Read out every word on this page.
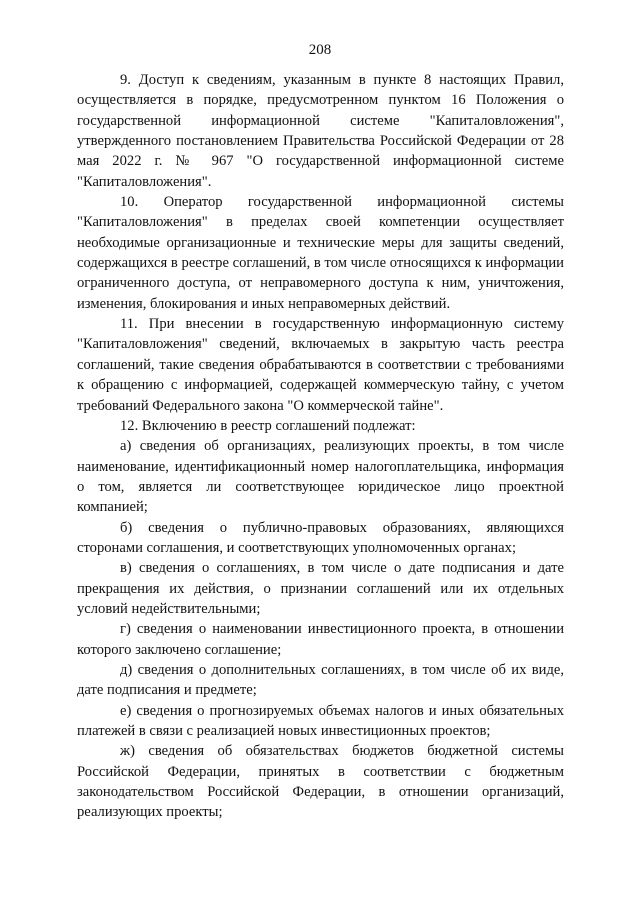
208

9. Доступ к сведениям, указанным в пункте 8 настоящих Правил, осуществляется в порядке, предусмотренном пунктом 16 Положения о государственной информационной системе "Капиталовложения", утвержденного постановлением Правительства Российской Федерации от 28 мая 2022 г. № 967 "О государственной информационной системе "Капиталовложения".

10. Оператор государственной информационной системы "Капиталовложения" в пределах своей компетенции осуществляет необходимые организационные и технические меры для защиты сведений, содержащихся в реестре соглашений, в том числе относящихся к информации ограниченного доступа, от неправомерного доступа к ним, уничтожения, изменения, блокирования и иных неправомерных действий.

11. При внесении в государственную информационную систему "Капиталовложения" сведений, включаемых в закрытую часть реестра соглашений, такие сведения обрабатываются в соответствии с требованиями к обращению с информацией, содержащей коммерческую тайну, с учетом требований Федерального закона "О коммерческой тайне".

12. Включению в реестр соглашений подлежат:

а) сведения об организациях, реализующих проекты, в том числе наименование, идентификационный номер налогоплательщика, информация о том, является ли соответствующее юридическое лицо проектной компанией;

б) сведения о публично-правовых образованиях, являющихся сторонами соглашения, и соответствующих уполномоченных органах;

в) сведения о соглашениях, в том числе о дате подписания и дате прекращения их действия, о признании соглашений или их отдельных условий недействительными;

г) сведения о наименовании инвестиционного проекта, в отношении которого заключено соглашение;

д) сведения о дополнительных соглашениях, в том числе об их виде, дате подписания и предмете;

е) сведения о прогнозируемых объемах налогов и иных обязательных платежей в связи с реализацией новых инвестиционных проектов;

ж) сведения об обязательствах бюджетов бюджетной системы Российской Федерации, принятых в соответствии с бюджетным законодательством Российской Федерации, в отношении организаций, реализующих проекты;
